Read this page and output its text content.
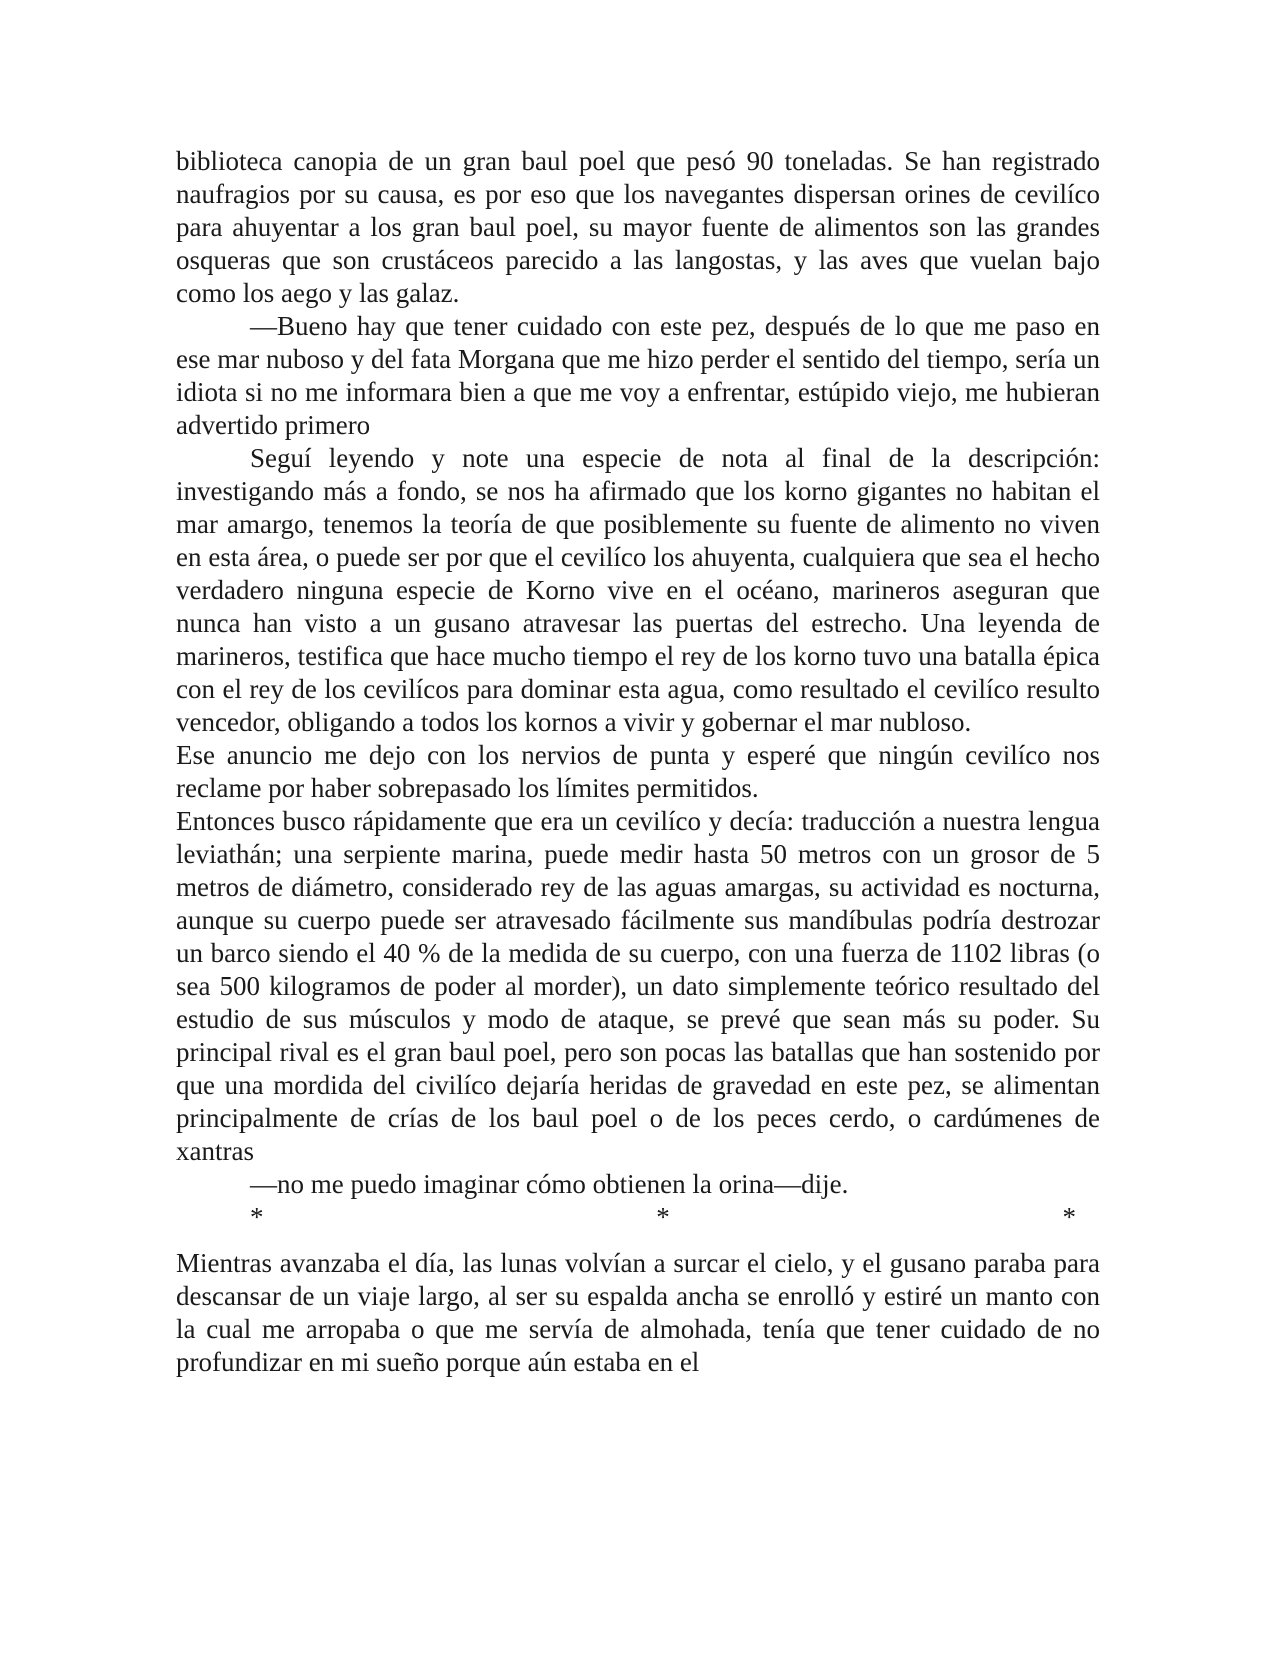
biblioteca canopia de un gran baul poel que pesó 90 toneladas. Se han registrado naufragios por su causa, es por eso que los navegantes dispersan orines de cevilíco para ahuyentar a los gran baul poel, su mayor fuente de alimentos son las grandes osqueras que son crustáceos parecido a las langostas, y las aves que vuelan bajo como los aego y las galaz.

—Bueno hay que tener cuidado con este pez, después de lo que me paso en ese mar nuboso y del fata Morgana que me hizo perder el sentido del tiempo, sería un idiota si no me informara bien a que me voy a enfrentar, estúpido viejo, me hubieran advertido primero

Seguí leyendo y note una especie de nota al final de la descripción: investigando más a fondo, se nos ha afirmado que los korno gigantes no habitan el mar amargo, tenemos la teoría de que posiblemente su fuente de alimento no viven en esta área, o puede ser por que el cevilíco los ahuyenta, cualquiera que sea el hecho verdadero ninguna especie de Korno vive en el océano, marineros aseguran que nunca han visto a un gusano atravesar las puertas del estrecho. Una leyenda de marineros, testifica que hace mucho tiempo el rey de los korno tuvo una batalla épica con el rey de los cevilícos para dominar esta agua, como resultado el cevilíco resulto vencedor, obligando a todos los kornos a vivir y gobernar el mar nubloso.

Ese anuncio me dejo con los nervios de punta y esperé que ningún cevilíco nos reclame por haber sobrepasado los límites permitidos.

Entonces busco rápidamente que era un cevilíco y decía: traducción a nuestra lengua leviathán; una serpiente marina, puede medir hasta 50 metros con un grosor de 5 metros de diámetro, considerado rey de las aguas amargas, su actividad es nocturna, aunque su cuerpo puede ser atravesado fácilmente sus mandíbulas podría destrozar un barco siendo el 40 % de la medida de su cuerpo, con una fuerza de 1102 libras (o sea 500 kilogramos de poder al morder), un dato simplemente teórico resultado del estudio de sus músculos y modo de ataque, se prevé que sean más su poder. Su principal rival es el gran baul poel, pero son pocas las batallas que han sostenido por que una mordida del civilíco dejaría heridas de gravedad en este pez, se alimentan principalmente de crías de los baul poel o de los peces cerdo, o cardúmenes de xantras

—no me puedo imaginar cómo obtienen la orina—dije.

*	*	*

Mientras avanzaba el día, las lunas volvían a surcar el cielo, y el gusano paraba para descansar de un viaje largo, al ser su espalda ancha se enrolló y estiré un manto con la cual me arropaba o que me servía de almohada, tenía que tener cuidado de no profundizar en mi sueño porque aún estaba en el
